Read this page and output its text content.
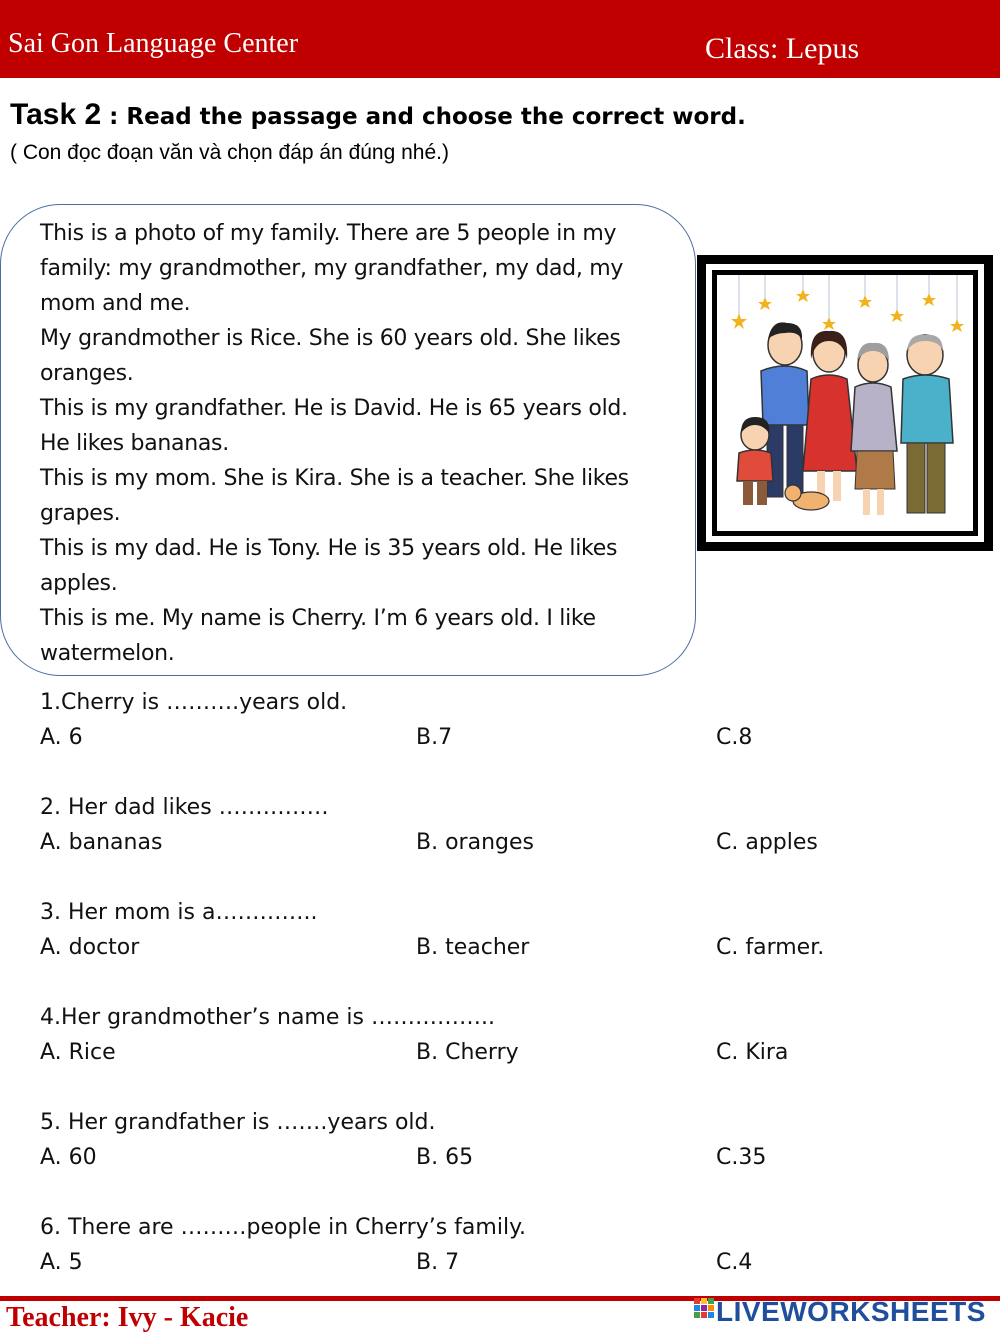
Sai Gon Language Center	Class: Lepus
Task 2 : Read the passage and choose the correct word.
( Con đọc đoạn văn và chọn đáp án đúng nhé.)
This is a photo of my family. There are 5 people in my
family: my grandmother, my grandfather, my dad, my
mom and me.
My grandmother is Rice. She is 60 years old. She likes
oranges.
This is my grandfather. He is David. He is 65 years old.
He likes bananas.
This is my mom. She is Kira. She is a teacher. She likes
grapes.
This is my dad. He is Tony. He is 35 years old. He likes
apples.
This is me. My name is Cherry. I’m 6 years old. I like
watermelon.
1.Cherry is ……….years old.
A. 6	B.7	C.8
2. Her dad likes ……………
A. bananas	B. oranges	C. apples
3. Her mom is a…………..
A. doctor	B. teacher	C. farmer.
4.Her grandmother’s name is ……………..
A. Rice	B. Cherry	C. Kira
5. Her grandfather is …….years old.
A. 60	B. 65	C.35
6. There are ………people in Cherry’s family.
A. 5	B. 7	C.4
Teacher: Ivy - Kacie	LIVEWORKSHEETS
